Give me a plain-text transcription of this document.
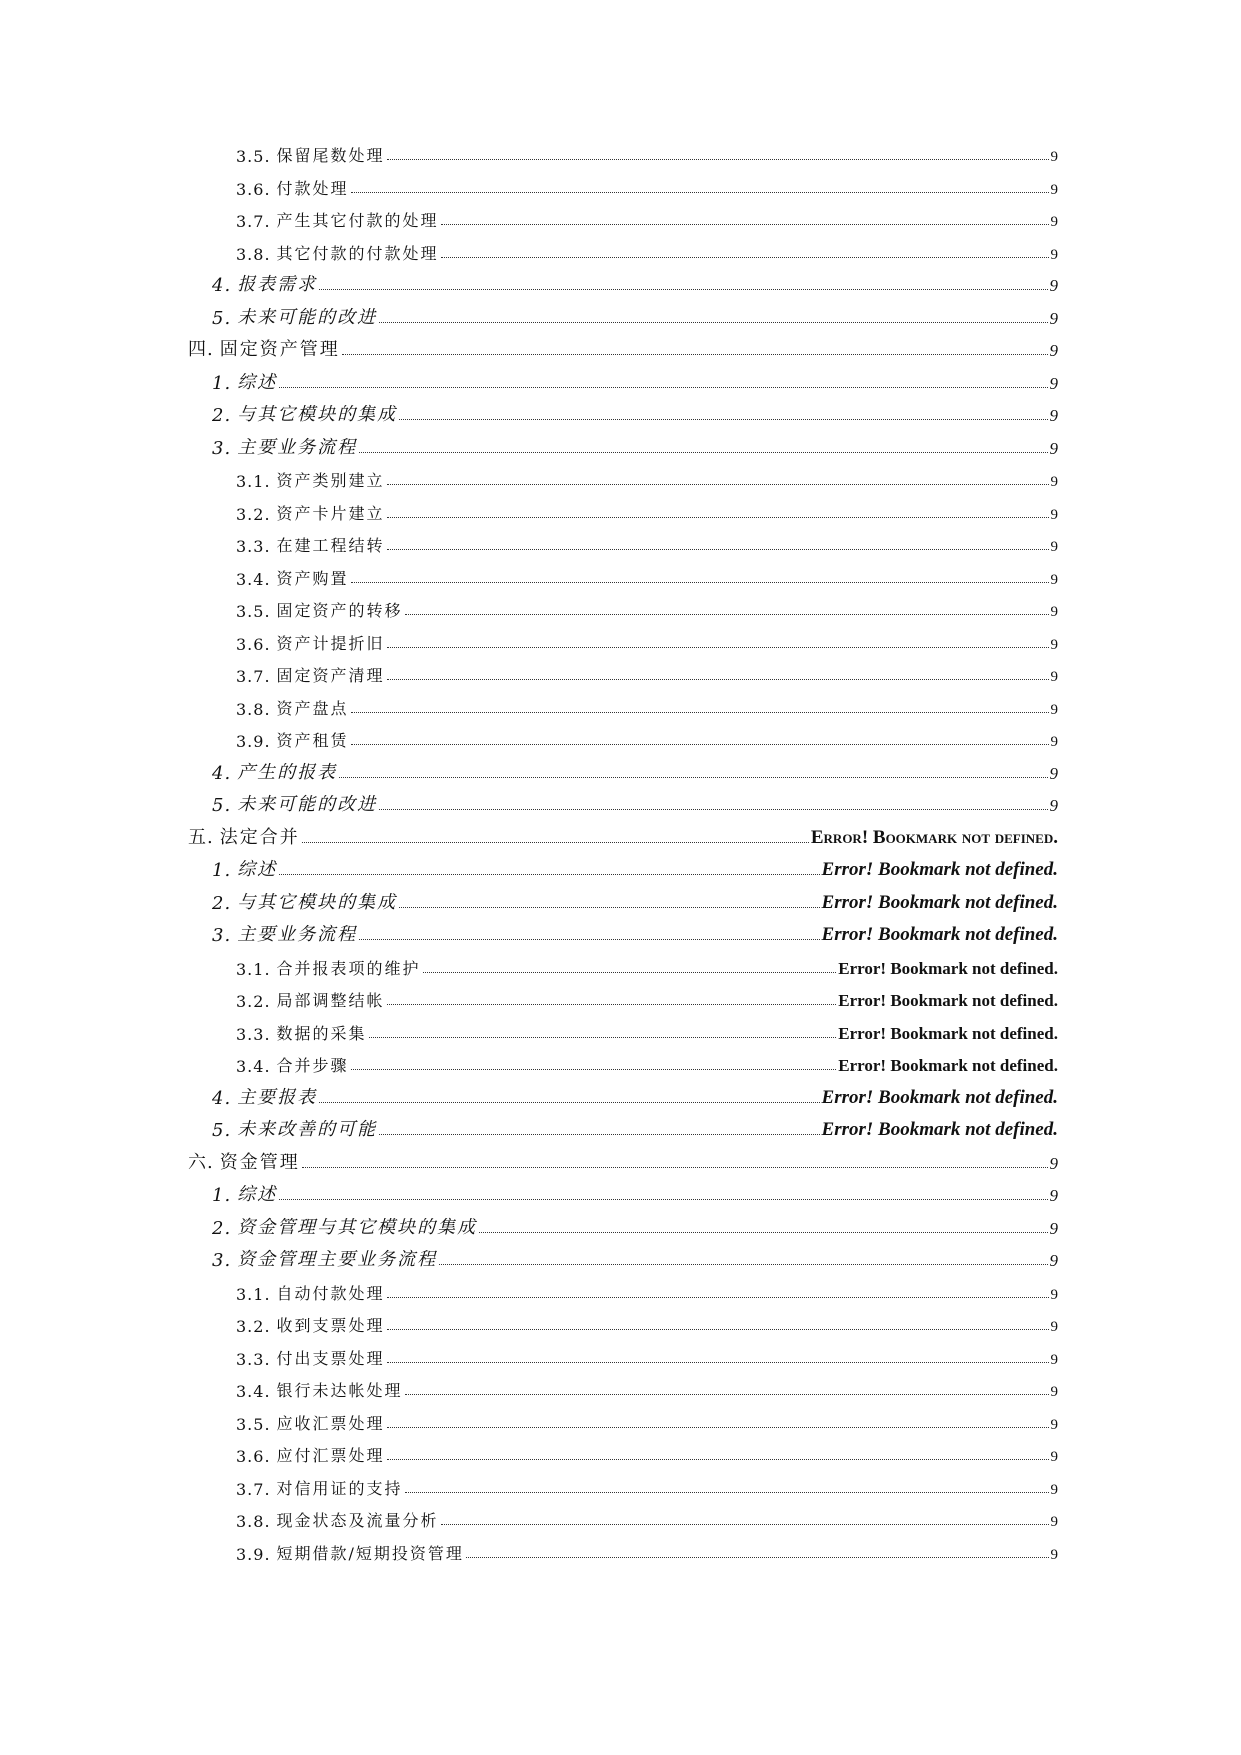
3.5. 保留尾数处理	9
3.6. 付款处理	9
3.7. 产生其它付款的处理	9
3.8. 其它付款的付款处理	9
4. 报表需求	9
5. 未来可能的改进	9
四. 固定资产管理	9
1. 综述	9
2. 与其它模块的集成	9
3. 主要业务流程	9
3.1. 资产类别建立	9
3.2. 资产卡片建立	9
3.3. 在建工程结转	9
3.4. 资产购置	9
3.5. 固定资产的转移	9
3.6. 资产计提折旧	9
3.7. 固定资产清理	9
3.8. 资产盘点	9
3.9. 资产租赁	9
4. 产生的报表	9
5. 未来可能的改进	9
五. 法定合并	Error! Bookmark not defined.
1. 综述	Error! Bookmark not defined.
2. 与其它模块的集成	Error! Bookmark not defined.
3. 主要业务流程	Error! Bookmark not defined.
3.1. 合并报表项的维护	Error! Bookmark not defined.
3.2. 局部调整结帐	Error! Bookmark not defined.
3.3. 数据的采集	Error! Bookmark not defined.
3.4. 合并步骤	Error! Bookmark not defined.
4. 主要报表	Error! Bookmark not defined.
5. 未来改善的可能	Error! Bookmark not defined.
六. 资金管理	9
1. 综述	9
2. 资金管理与其它模块的集成	9
3. 资金管理主要业务流程	9
3.1. 自动付款处理	9
3.2. 收到支票处理	9
3.3. 付出支票处理	9
3.4. 银行未达帐处理	9
3.5. 应收汇票处理	9
3.6. 应付汇票处理	9
3.7. 对信用证的支持	9
3.8. 现金状态及流量分析	9
3.9. 短期借款/短期投资管理	9
